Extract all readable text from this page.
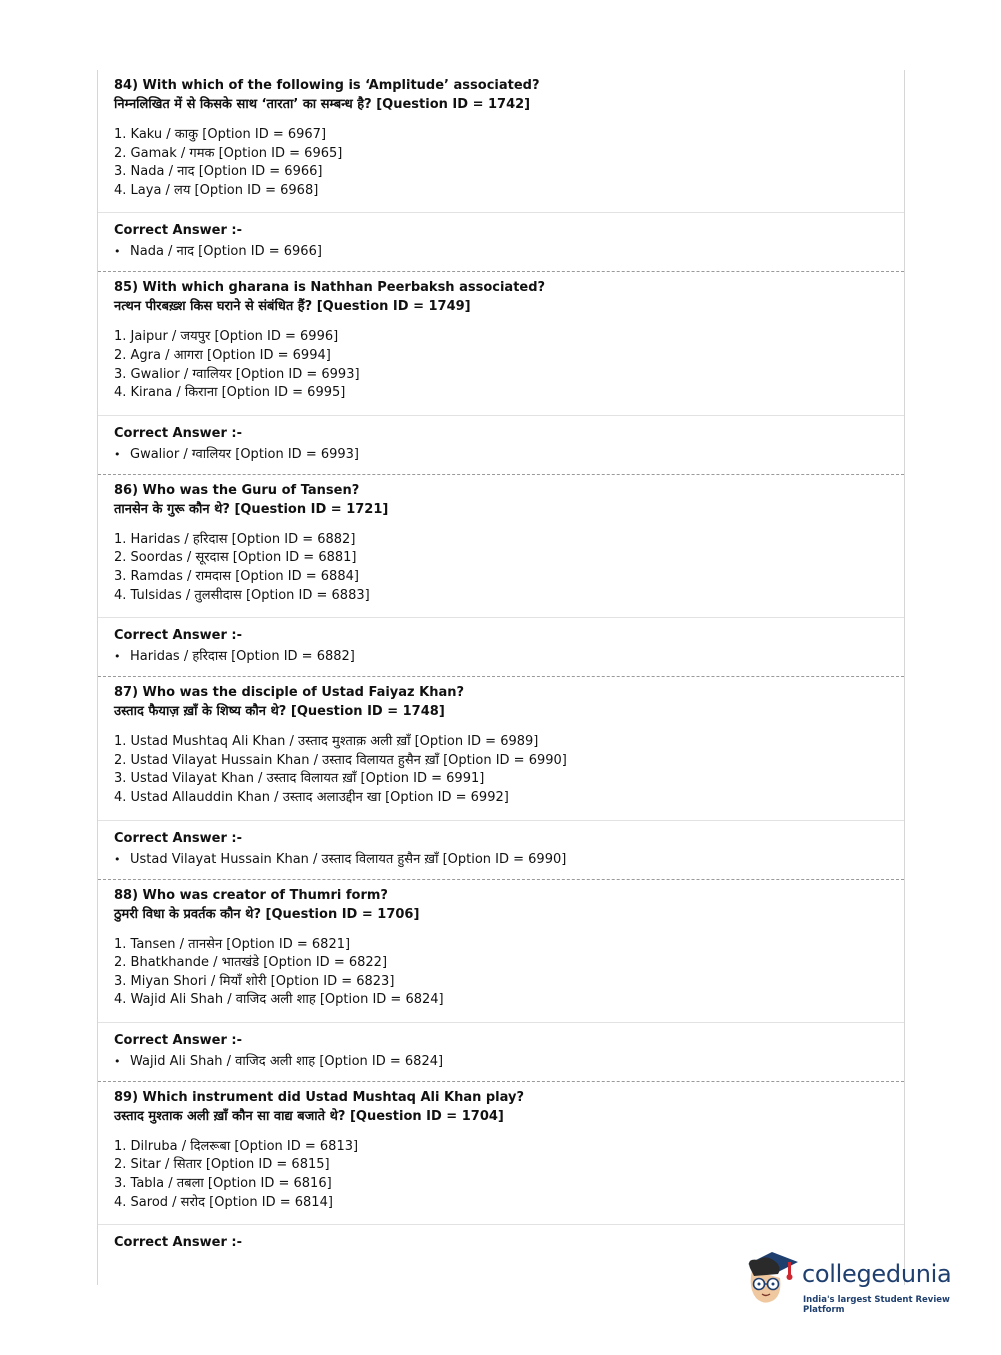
84) With which of the following is ‘Amplitude’ associated?
निम्नलिखित में से किसके साथ ‘तारता’ का सम्बन्ध है? [Question ID = 1742]
1. Kaku / काकु [Option ID = 6967]
2. Gamak / गमक [Option ID = 6965]
3. Nada / नाद [Option ID = 6966]
4. Laya / लय [Option ID = 6968]
Correct Answer :-
• Nada / नाद [Option ID = 6966]
85) With which gharana is Nathhan Peerbaksh associated?
नत्थन पीरबख़्श किस घराने से संबंधित हैं? [Question ID = 1749]
1. Jaipur / जयपुर [Option ID = 6996]
2. Agra / आगरा [Option ID = 6994]
3. Gwalior / ग्वालियर [Option ID = 6993]
4. Kirana / किराना [Option ID = 6995]
Correct Answer :-
• Gwalior / ग्वालियर [Option ID = 6993]
86) Who was the Guru of Tansen?
तानसेन के गुरू कौन थे? [Question ID = 1721]
1. Haridas / हरिदास [Option ID = 6882]
2. Soordas / सूरदास [Option ID = 6881]
3. Ramdas / रामदास [Option ID = 6884]
4. Tulsidas / तुलसीदास [Option ID = 6883]
Correct Answer :-
• Haridas / हरिदास [Option ID = 6882]
87) Who was the disciple of Ustad Faiyaz Khan?
उस्ताद फैयाज़ ख़ाँ के शिष्य कौन थे? [Question ID = 1748]
1. Ustad Mushtaq Ali Khan / उस्ताद मुश्ताक़ अली ख़ाँ [Option ID = 6989]
2. Ustad Vilayat Hussain Khan / उस्ताद विलायत हुसैन ख़ाँ [Option ID = 6990]
3. Ustad Vilayat Khan / उस्ताद विलायत ख़ाँ [Option ID = 6991]
4. Ustad Allauddin Khan / उस्ताद अलाउद्दीन खा [Option ID = 6992]
Correct Answer :-
• Ustad Vilayat Hussain Khan / उस्ताद विलायत हुसैन ख़ाँ [Option ID = 6990]
88) Who was creator of Thumri form?
ठुमरी विधा के प्रवर्तक कौन थे? [Question ID = 1706]
1. Tansen / तानसेन [Option ID = 6821]
2. Bhatkhande / भातखंडे [Option ID = 6822]
3. Miyan Shori / मियाँ शोरी [Option ID = 6823]
4. Wajid Ali Shah / वाजिद अली शाह [Option ID = 6824]
Correct Answer :-
• Wajid Ali Shah / वाजिद अली शाह [Option ID = 6824]
89) Which instrument did Ustad Mushtaq Ali Khan play?
उस्ताद मुश्ताक अली ख़ाँ कौन सा वाद्य बजाते थे? [Question ID = 1704]
1. Dilruba / दिलरूबा [Option ID = 6813]
2. Sitar / सितार [Option ID = 6815]
3. Tabla / तबला [Option ID = 6816]
4. Sarod / सरोद [Option ID = 6814]
Correct Answer :-
collegedunia
India's largest Student Review Platform
